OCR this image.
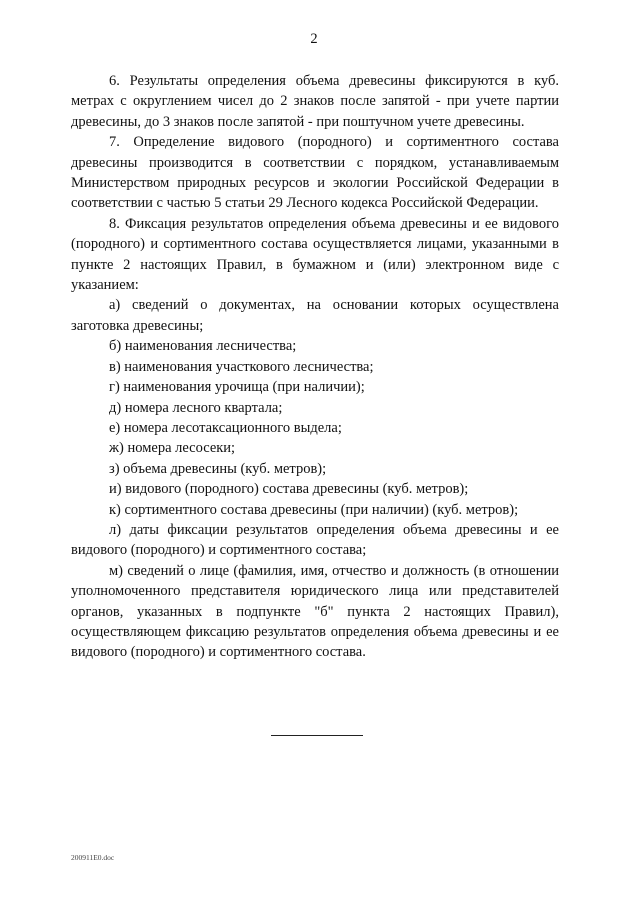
2

6. Результаты определения объема древесины фиксируются в куб. метрах с округлением чисел до 2 знаков после запятой - при учете партии древесины, до 3 знаков после запятой - при поштучном учете древесины.

7. Определение видового (породного) и сортиментного состава древесины производится в соответствии с порядком, устанавливаемым Министерством природных ресурсов и экологии Российской Федерации в соответствии с частью 5 статьи 29 Лесного кодекса Российской Федерации.

8. Фиксация результатов определения объема древесины и ее видового (породного) и сортиментного состава осуществляется лицами, указанными в пункте 2 настоящих Правил, в бумажном и (или) электронном виде с указанием:

а) сведений о документах, на основании которых осуществлена заготовка древесины;

б) наименования лесничества;

в) наименования участкового лесничества;

г) наименования урочища (при наличии);

д) номера лесного квартала;

е) номера лесотаксационного выдела;

ж) номера лесосеки;

з) объема древесины (куб. метров);

и) видового (породного) состава древесины (куб. метров);

к) сортиментного состава древесины (при наличии) (куб. метров);

л) даты фиксации результатов определения объема древесины и ее видового (породного) и сортиментного состава;

м) сведений о лице (фамилия, имя, отчество и должность (в отношении уполномоченного представителя юридического лица или представителей органов, указанных в подпункте "б" пункта 2 настоящих Правил), осуществляющем фиксацию результатов определения объема древесины и ее видового (породного) и сортиментного состава.

200911E0.doc
